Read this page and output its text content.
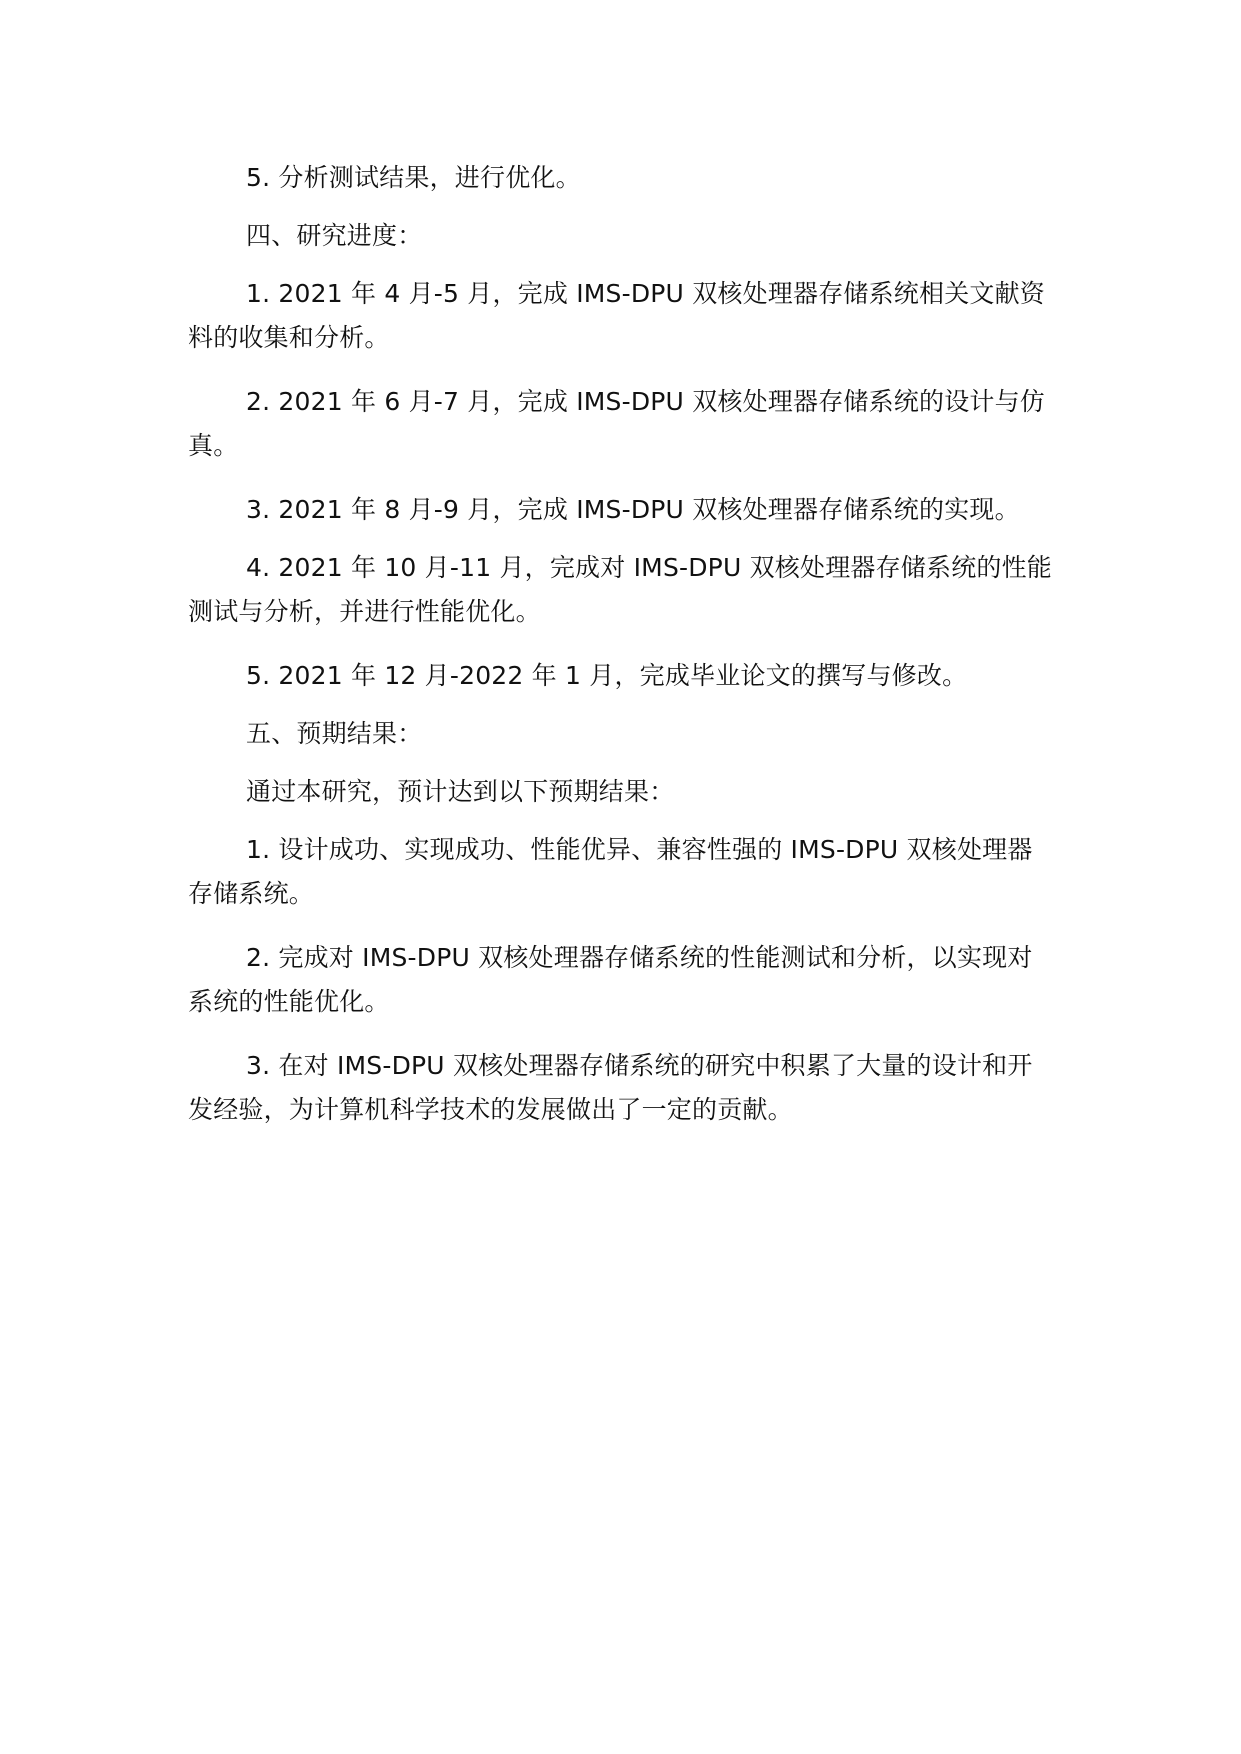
5. 分析测试结果，进行优化。

四、研究进度：

1. 2021 年 4 月-5 月，完成 IMS-DPU 双核处理器存储系统相关文献资料的收集和分析。

2. 2021 年 6 月-7 月，完成 IMS-DPU 双核处理器存储系统的设计与仿真。

3. 2021 年 8 月-9 月，完成 IMS-DPU 双核处理器存储系统的实现。

4. 2021 年 10 月-11 月，完成对 IMS-DPU 双核处理器存储系统的性能测试与分析，并进行性能优化。

5. 2021 年 12 月-2022 年 1 月，完成毕业论文的撰写与修改。

五、预期结果：

通过本研究，预计达到以下预期结果：

1. 设计成功、实现成功、性能优异、兼容性强的 IMS-DPU 双核处理器存储系统。

2. 完成对 IMS-DPU 双核处理器存储系统的性能测试和分析，以实现对系统的性能优化。

3. 在对 IMS-DPU 双核处理器存储系统的研究中积累了大量的设计和开发经验，为计算机科学技术的发展做出了一定的贡献。
